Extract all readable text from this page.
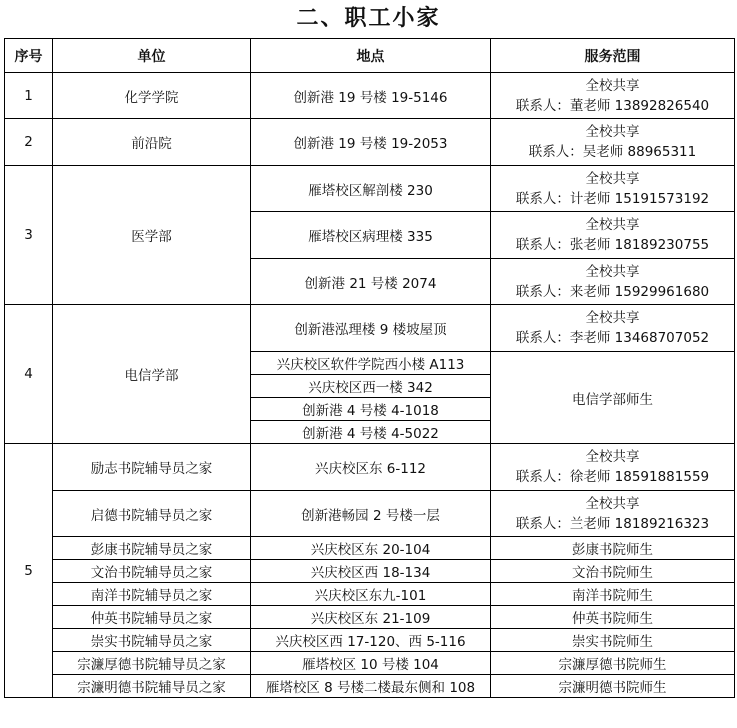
二、职工小家
序号	单位	地点	服务范围
1	化学学院	创新港 19 号楼 19-5146	全校共享
联系人：董老师 13892826540

2	前沿院	创新港 19 号楼 19-2053	全校共享
联系人：吴老师 88965311

3	医学部	雁塔校区解剖楼 230	全校共享
联系人：计老师 15191573192

		雁塔校区病理楼 335	全校共享
联系人：张老师 18189230755

		创新港 21 号楼 2074	全校共享
联系人：来老师 15929961680

4	电信学部	创新港泓理楼 9 楼坡屋顶	全校共享
联系人：李老师 13468707052

		兴庆校区软件学院西小楼 A113	电信学部师生
		兴庆校区西一楼 342	
		创新港 4 号楼 4-1018	
		创新港 4 号楼 4-5022	
5	励志书院辅导员之家	兴庆校区东 6-112	全校共享
联系人：徐老师 18591881559

	启德书院辅导员之家	创新港畅园 2 号楼一层	全校共享
联系人：兰老师 18189216323

	彭康书院辅导员之家	兴庆校区东 20-104	彭康书院师生
	文治书院辅导员之家	兴庆校区西 18-134	文治书院师生
	南洋书院辅导员之家	兴庆校区东九-101	南洋书院师生
	仲英书院辅导员之家	兴庆校区东 21-109	仲英书院师生
	崇实书院辅导员之家	兴庆校区西 17-120、西 5-116	崇实书院师生
	宗濂厚德书院辅导员之家	雁塔校区 10 号楼 104	宗濂厚德书院师生
	宗濂明德书院辅导员之家	雁塔校区 8 号楼二楼最东侧和 108	宗濂明德书院师生
